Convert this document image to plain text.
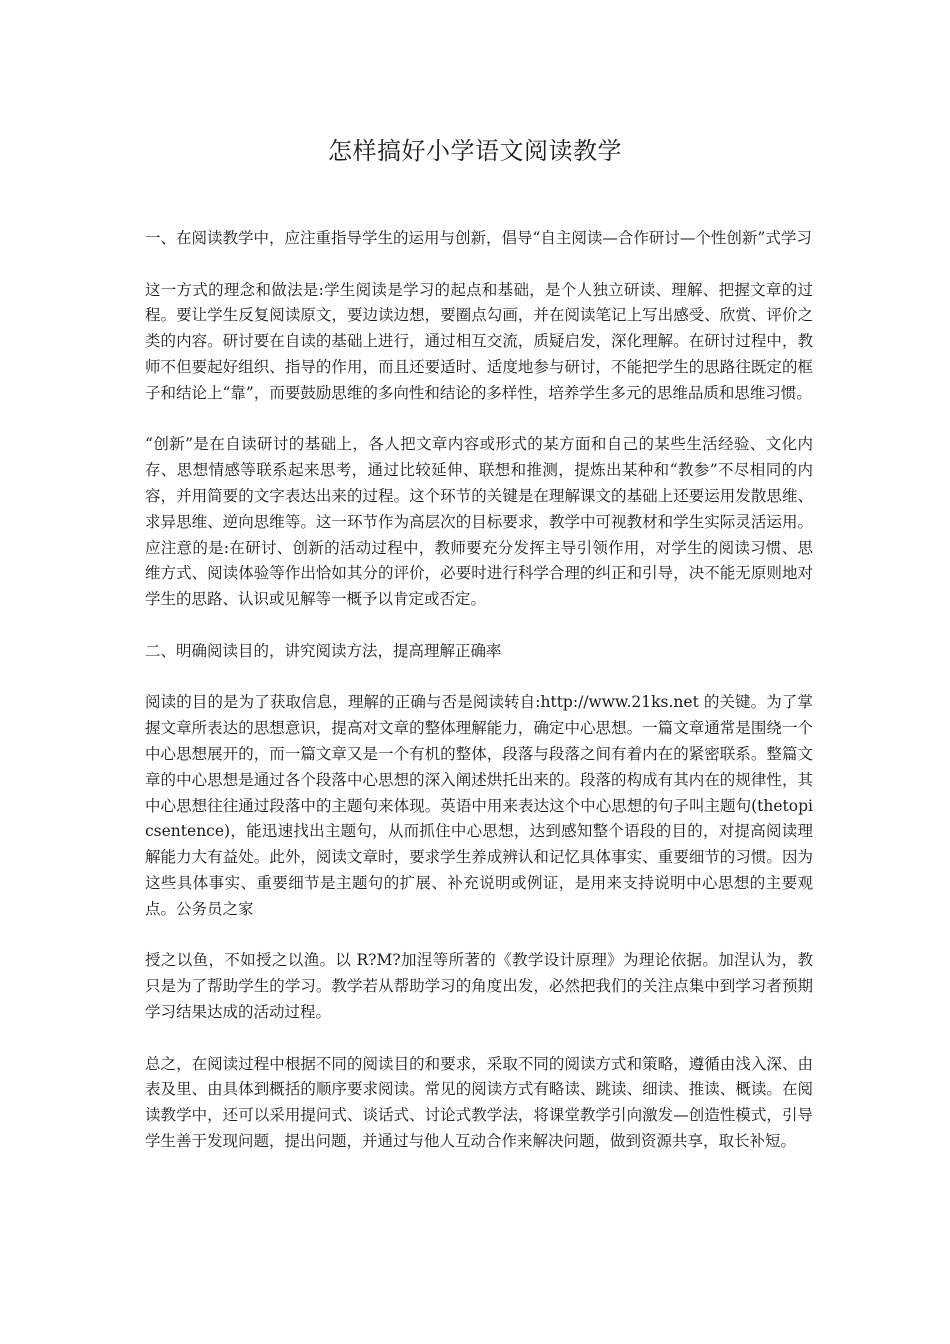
怎样搞好小学语文阅读教学

一、在阅读教学中，应注重指导学生的运用与创新，倡导“自主阅读—合作研讨—个性创新”式学习

这一方式的理念和做法是:学生阅读是学习的起点和基础，是个人独立研读、理解、把握文章的过程。要让学生反复阅读原文，要边读边想，要圈点勾画，并在阅读笔记上写出感受、欣赏、评价之类的内容。研讨要在自读的基础上进行，通过相互交流，质疑启发，深化理解。在研讨过程中，教师不但要起好组织、指导的作用，而且还要适时、适度地参与研讨，不能把学生的思路往既定的框子和结论上“靠”，而要鼓励思维的多向性和结论的多样性，培养学生多元的思维品质和思维习惯。

“创新”是在自读研讨的基础上，各人把文章内容或形式的某方面和自己的某些生活经验、文化内存、思想情感等联系起来思考，通过比较延伸、联想和推测，提炼出某种和“教参”不尽相同的内容，并用简要的文字表达出来的过程。这个环节的关键是在理解课文的基础上还要运用发散思维、求异思维、逆向思维等。这一环节作为高层次的目标要求，教学中可视教材和学生实际灵活运用。应注意的是:在研讨、创新的活动过程中，教师要充分发挥主导引领作用，对学生的阅读习惯、思维方式、阅读体验等作出恰如其分的评价，必要时进行科学合理的纠正和引导，决不能无原则地对学生的思路、认识或见解等一概予以肯定或否定。

二、明确阅读目的，讲究阅读方法，提高理解正确率

阅读的目的是为了获取信息，理解的正确与否是阅读转自:http://www.21ks.net 的关键。为了掌握文章所表达的思想意识，提高对文章的整体理解能力，确定中心思想。一篇文章通常是围绕一个中心思想展开的，而一篇文章又是一个有机的整体，段落与段落之间有着内在的紧密联系。整篇文章的中心思想是通过各个段落中心思想的深入阐述烘托出来的。段落的构成有其内在的规律性，其中心思想往往通过段落中的主题句来体现。英语中用来表达这个中心思想的句子叫主题句(thetopicsentence)，能迅速找出主题句，从而抓住中心思想，达到感知整个语段的目的，对提高阅读理解能力大有益处。此外，阅读文章时，要求学生养成辨认和记忆具体事实、重要细节的习惯。因为这些具体事实、重要细节是主题句的扩展、补充说明或例证，是用来支持说明中心思想的主要观点。公务员之家

授之以鱼，不如授之以渔。以 R?M?加涅等所著的《教学设计原理》为理论依据。加涅认为，教只是为了帮助学生的学习。教学若从帮助学习的角度出发，必然把我们的关注点集中到学习者预期学习结果达成的活动过程。

总之，在阅读过程中根据不同的阅读目的和要求，采取不同的阅读方式和策略，遵循由浅入深、由表及里、由具体到概括的顺序要求阅读。常见的阅读方式有略读、跳读、细读、推读、概读。在阅读教学中，还可以采用提问式、谈话式、讨论式教学法，将课堂教学引向激发—创造性模式，引导学生善于发现问题，提出问题，并通过与他人互动合作来解决问题，做到资源共享，取长补短。
